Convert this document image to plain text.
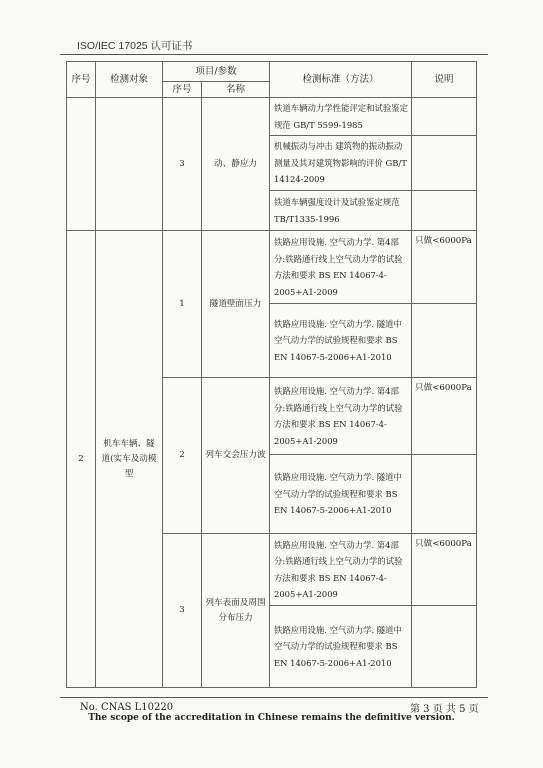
ISO/IEC 17025 认可证书
序号	检测对象	项目/参数		检测标准（方法）	说明
		序号	名称		
		3	动、静应力	铁道车辆动力学性能评定和试验鉴定规范 GB/T 5599-1985	
				机械振动与冲击 建筑物的振动振动测量及其对建筑物影响的评价 GB/T 14124-2009	
				铁道车辆强度设计及试验鉴定规范 TB/T1335-1996	
2	机车车辆、隧道(实车及动模型	1	隧道壁面压力	铁路应用设施. 空气动力学. 第4部分:铁路通行线上空气动力学的试验方法和要求 BS EN 14067-4-2005+A1-2009	只做<6000Pa
				铁路应用设施. 空气动力学. 隧道中空气动力学的试验规程和要求 BS EN 14067-5-2006+A1-2010	
		2	列车交会压力波	铁路应用设施. 空气动力学. 第4部分:铁路通行线上空气动力学的试验方法和要求 BS EN 14067-4-2005+A1-2009	只做<6000Pa
				铁路应用设施. 空气动力学. 隧道中空气动力学的试验规程和要求 BS EN 14067-5-2006+A1-2010	
		3	列车表面及周围分布压力	铁路应用设施. 空气动力学. 第4部分:铁路通行线上空气动力学的试验方法和要求 BS EN 14067-4-2005+A1-2009	只做<6000Pa
				铁路应用设施. 空气动力学. 隧道中空气动力学的试验规程和要求 BS EN 14067-5-2006+A1-2010	
No. CNAS L10220	第 3 页 共 5 页
The scope of the accreditation in Chinese remains the definitive version.
